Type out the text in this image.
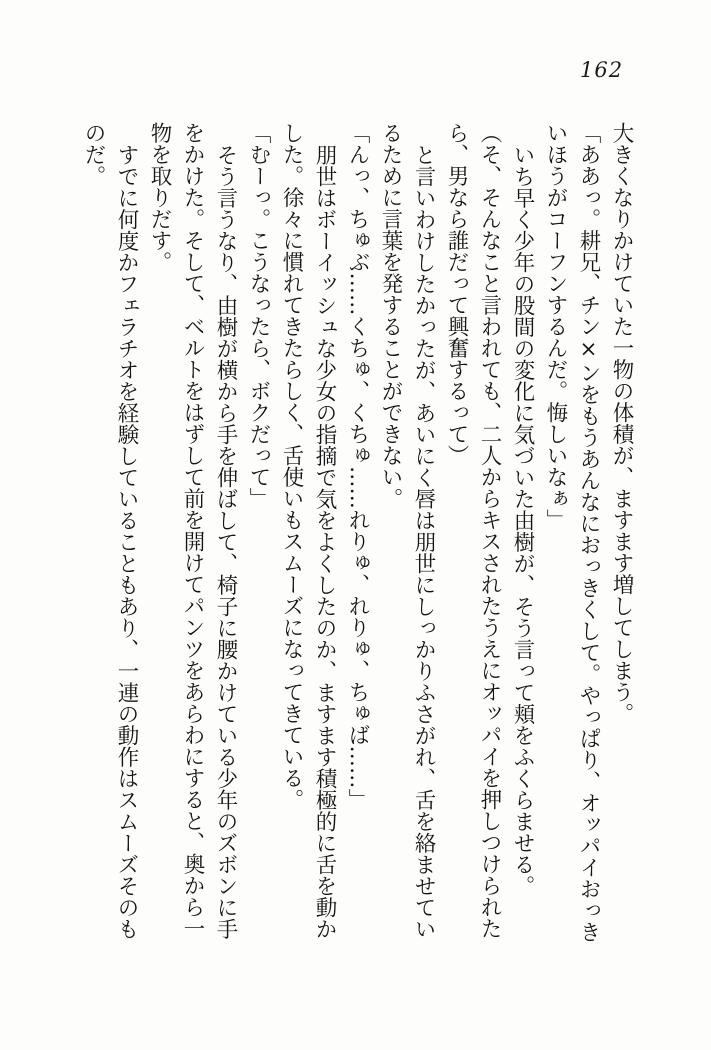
162

大きくなりかけていた一物の体積が、ますます増してしまう。

「ああっ。耕兄、チン×ンをもうあんなにおっきくして。やっぱり、オッパイおっき

いほうがコーフンするんだ。悔しいなぁ」

いち早く少年の股間の変化に気づいた由樹が、そう言って頬をふくらませる。

（そ、そんなこと言われても、二人からキスされたうえにオッパイを押しつけられた

ら、男なら誰だって興奮するって）

と言いわけしたかったが、あいにく唇は朋世にしっかりふさがれ、舌を絡ませてい

るために言葉を発することができない。

「んっ、ちゅぶ……くちゅ、くちゅ……れりゅ、れりゅ、ちゅば……」

朋世はボーイッシュな少女の指摘で気をよくしたのか、ますます積極的に舌を動か

した。徐々に慣れてきたらしく、舌使いもスムーズになってきている。

「むーっ。こうなったら、ボクだって」

そう言うなり、由樹が横から手を伸ばして、椅子に腰かけている少年のズボンに手

をかけた。そして、ベルトをはずして前を開けてパンツをあらわにすると、奥から一

物を取りだす。

すでに何度かフェラチオを経験していることもあり、一連の動作はスムーズそのも

のだ。
